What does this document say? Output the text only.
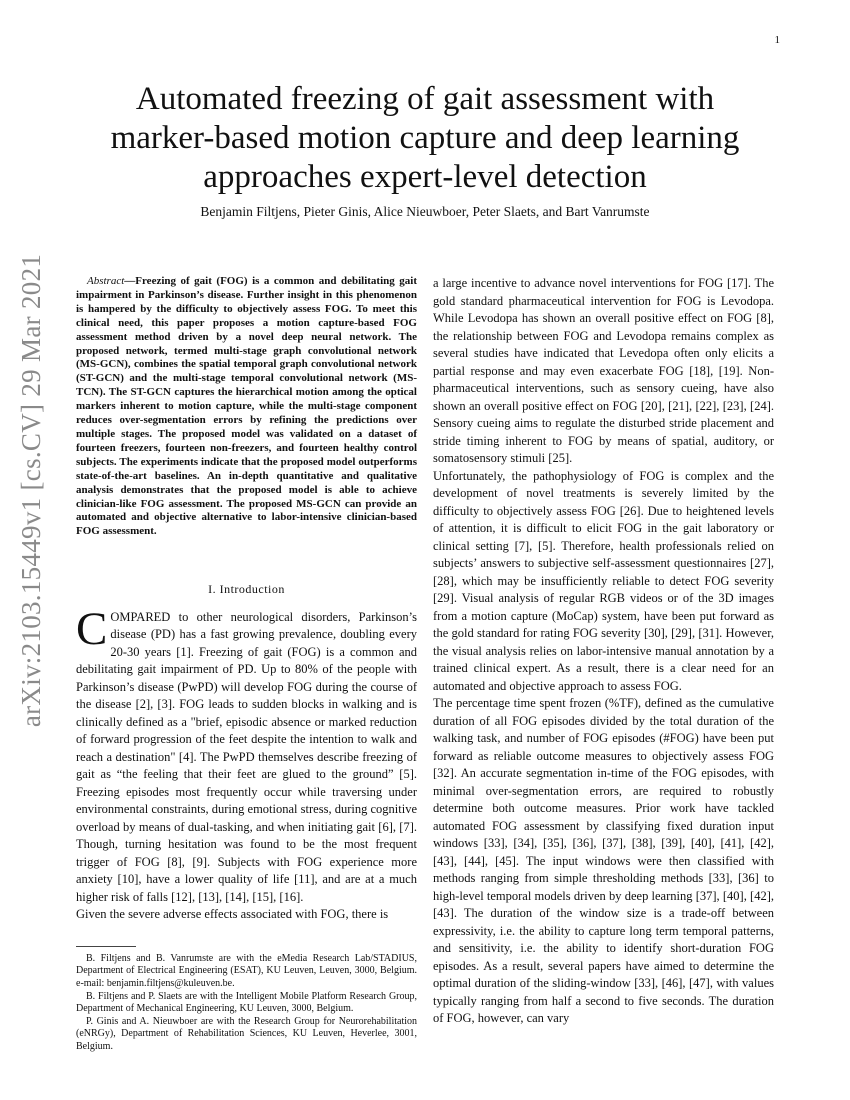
1
arXiv:2103.15449v1 [cs.CV] 29 Mar 2021
Automated freezing of gait assessment with marker-based motion capture and deep learning approaches expert-level detection
Benjamin Filtjens, Pieter Ginis, Alice Nieuwboer, Peter Slaets, and Bart Vanrumste

Abstract—Freezing of gait (FOG) is a common and debilitating gait impairment in Parkinson’s disease. Further insight in this phenomenon is hampered by the difficulty to objectively assess FOG. To meet this clinical need, this paper proposes a motion capture-based FOG assessment method driven by a novel deep neural network. The proposed network, termed multi-stage graph convolutional network (MS-GCN), combines the spatial temporal graph convolutional network (ST-GCN) and the multi-stage temporal convolutional network (MS-TCN). The ST-GCN captures the hierarchical motion among the optical markers inherent to motion capture, while the multi-stage component reduces over-segmentation errors by refining the predictions over multiple stages. The proposed model was validated on a dataset of fourteen freezers, fourteen non-freezers, and fourteen healthy control subjects. The experiments indicate that the proposed model outperforms state-of-the-art baselines. An in-depth quantitative and qualitative analysis demonstrates that the proposed model is able to achieve clinician-like FOG assessment. The proposed MS-GCN can provide an automated and objective alternative to labor-intensive clinician-based FOG assessment.

I. Introduction

COMPARED to other neurological disorders, Parkinson’s disease (PD) has a fast growing prevalence, doubling every 20-30 years [1]. Freezing of gait (FOG) is a common and debilitating gait impairment of PD. Up to 80% of the people with Parkinson’s disease (PwPD) will develop FOG during the course of the disease [2], [3]. FOG leads to sudden blocks in walking and is clinically defined as a "brief, episodic absence or marked reduction of forward progression of the feet despite the intention to walk and reach a destination" [4]. The PwPD themselves describe freezing of gait as “the feeling that their feet are glued to the ground” [5]. Freezing episodes most frequently occur while traversing under environmental constraints, during emotional stress, during cognitive overload by means of dual-tasking, and when initiating gait [6], [7]. Though, turning hesitation was found to be the most frequent trigger of FOG [8], [9]. Subjects with FOG experience more anxiety [10], have a lower quality of life [11], and are at a much higher risk of falls [12], [13], [14], [15], [16].

Given the severe adverse effects associated with FOG, there is

B. Filtjens and B. Vanrumste are with the eMedia Research Lab/STADIUS, Department of Electrical Engineering (ESAT), KU Leuven, Leuven, 3000, Belgium. e-mail: benjamin.filtjens@kuleuven.be.

B. Filtjens and P. Slaets are with the Intelligent Mobile Platform Research Group, Department of Mechanical Engineering, KU Leuven, 3000, Belgium.

P. Ginis and A. Nieuwboer are with the Research Group for Neurorehabilitation (eNRGy), Department of Rehabilitation Sciences, KU Leuven, Heverlee, 3001, Belgium.

a large incentive to advance novel interventions for FOG [17]. The gold standard pharmaceutical intervention for FOG is Levodopa. While Levodopa has shown an overall positive effect on FOG [8], the relationship between FOG and Levodopa remains complex as several studies have indicated that Levedopa often only elicits a partial response and may even exacerbate FOG [18], [19]. Non-pharmaceutical interventions, such as sensory cueing, have also shown an overall positive effect on FOG [20], [21], [22], [23], [24]. Sensory cueing aims to regulate the disturbed stride placement and stride timing inherent to FOG by means of spatial, auditory, or somatosensory stimuli [25].

Unfortunately, the pathophysiology of FOG is complex and the development of novel treatments is severely limited by the difficulty to objectively assess FOG [26]. Due to heightened levels of attention, it is difficult to elicit FOG in the gait laboratory or clinical setting [7], [5]. Therefore, health professionals relied on subjects’ answers to subjective self-assessment questionnaires [27], [28], which may be insufficiently reliable to detect FOG severity [29]. Visual analysis of regular RGB videos or of the 3D images from a motion capture (MoCap) system, have been put forward as the gold standard for rating FOG severity [30], [29], [31]. However, the visual analysis relies on labor-intensive manual annotation by a trained clinical expert. As a result, there is a clear need for an automated and objective approach to assess FOG.

The percentage time spent frozen (%TF), defined as the cumulative duration of all FOG episodes divided by the total duration of the walking task, and number of FOG episodes (#FOG) have been put forward as reliable outcome measures to objectively assess FOG [32]. An accurate segmentation in-time of the FOG episodes, with minimal over-segmentation errors, are required to robustly determine both outcome measures. Prior work have tackled automated FOG assessment by classifying fixed duration input windows [33], [34], [35], [36], [37], [38], [39], [40], [41], [42], [43], [44], [45]. The input windows were then classified with methods ranging from simple thresholding methods [33], [36] to high-level temporal models driven by deep learning [37], [40], [42], [43]. The duration of the window size is a trade-off between expressivity, i.e. the ability to capture long term temporal patterns, and sensitivity, i.e. the ability to identify short-duration FOG episodes. As a result, several papers have aimed to determine the optimal duration of the sliding-window [33], [46], [47], with values typically ranging from half a second to five seconds. The duration of FOG, however, can vary
